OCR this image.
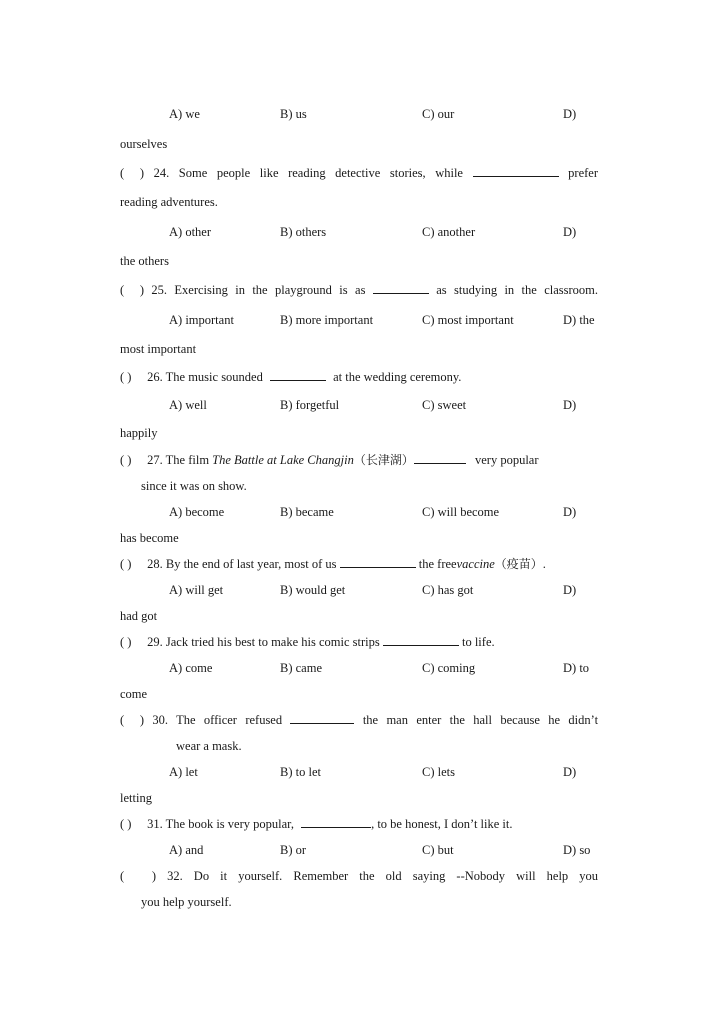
A) we	B) us	C) our	D)
ourselves
( ) 24. Some people like reading detective stories, while	prefer
reading adventures.
A) other	B) others	C) another	D)
the others
( ) 25. Exercising in the playground is as	as studying in the classroom.
A) important	B) more important	C) most important	D) the
most important
( ) 26. The music sounded	at the wedding ceremony.
A) well	B) forgetful	C) sweet	D)
happily
( ) 27. The film The Battle at Lake Changjin（长津湖）	very popular
since it was on show.
A) become	B) became	C) will become	D)
has become
( ) 28. By the end of last year, most of us	the freevaccine（疫苗）.
A) will get	B) would get	C) has got	D)
had got
( ) 29. Jack tried his best to make his comic strips	to life.
A) come	B) came	C) coming	D) to
come
( ) 30. The officer refused	the man enter the hall because he didn’t
wear a mask.
A) let	B) to let	C) lets	D)
letting
( ) 31. The book is very popular,	, to be honest, I don’t like it.
A) and	B) or	C) but	D) so
( ) 32. Do it yourself. Remember the old saying --Nobody will help you
you help yourself.
